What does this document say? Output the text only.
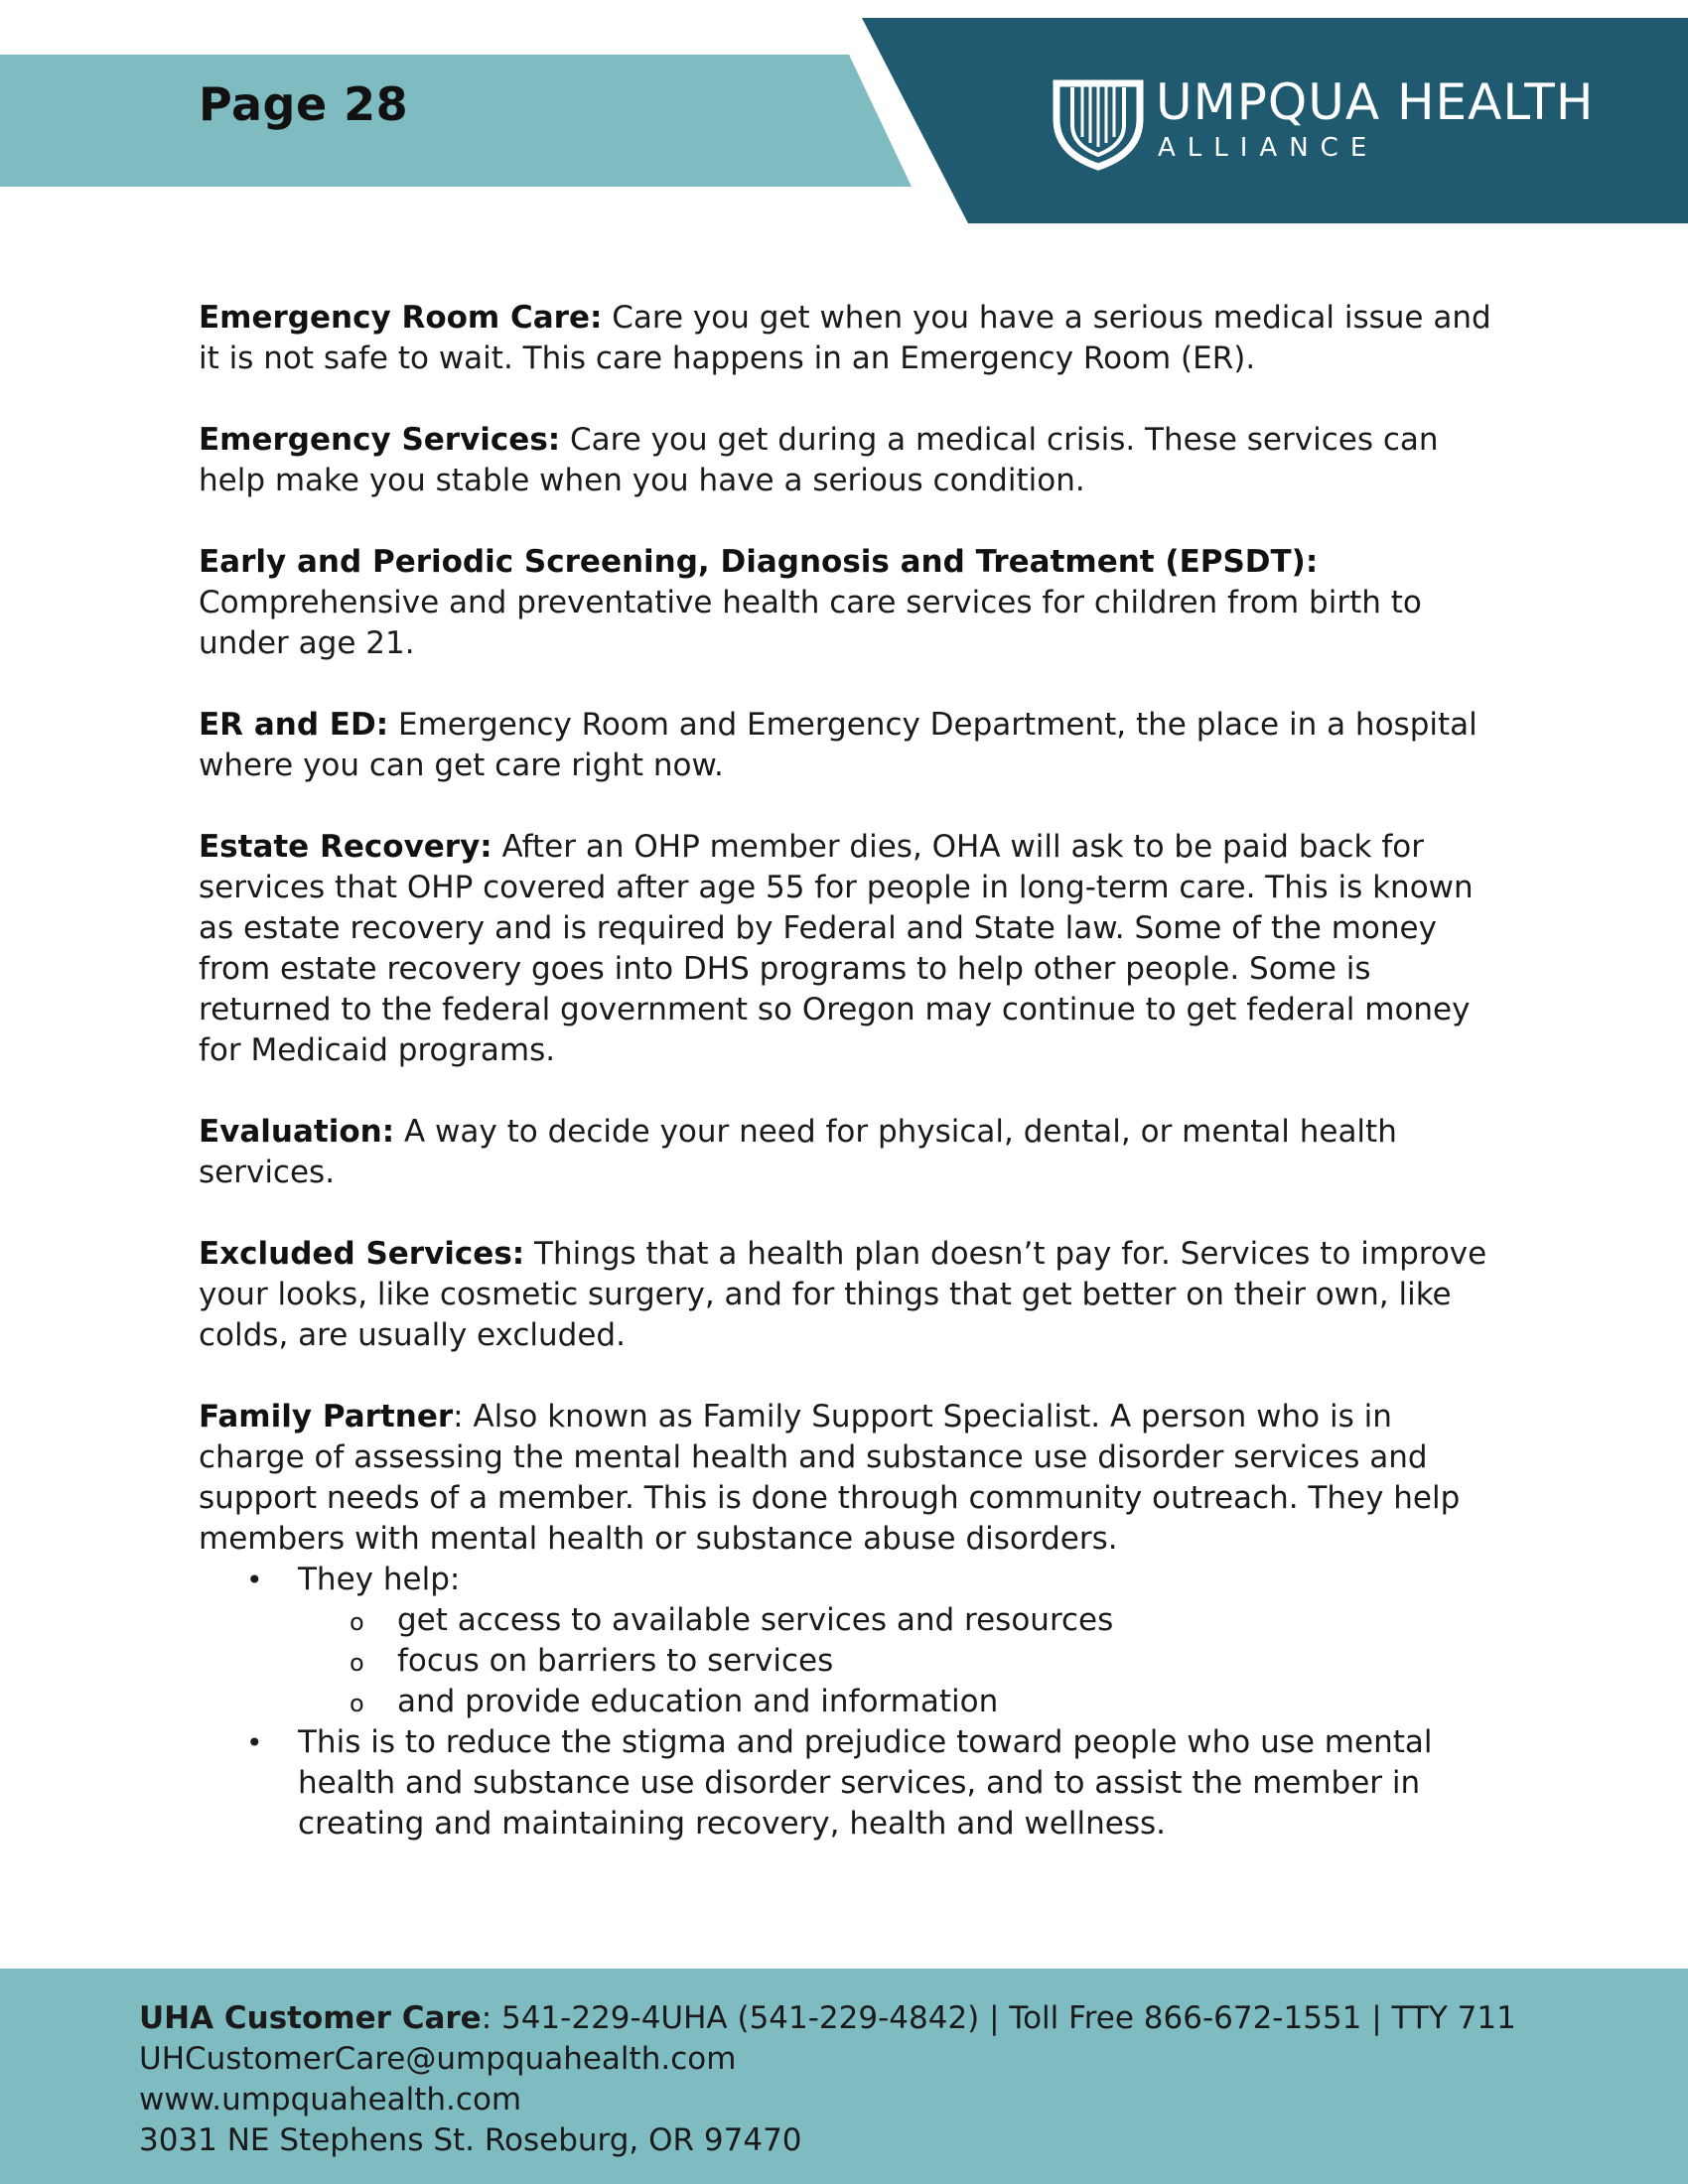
Page 28	UMPQUA HEALTH
ALLIANCE

Emergency Room Care: Care you get when you have a serious medical issue and it is not safe to wait. This care happens in an Emergency Room (ER).

Emergency Services: Care you get during a medical crisis. These services can help make you stable when you have a serious condition.

Early and Periodic Screening, Diagnosis and Treatment (EPSDT): Comprehensive and preventative health care services for children from birth to under age 21.

ER and ED: Emergency Room and Emergency Department, the place in a hospital where you can get care right now.

Estate Recovery: After an OHP member dies, OHA will ask to be paid back for services that OHP covered after age 55 for people in long-term care. This is known as estate recovery and is required by Federal and State law. Some of the money from estate recovery goes into DHS programs to help other people. Some is returned to the federal government so Oregon may continue to get federal money for Medicaid programs.

Evaluation: A way to decide your need for physical, dental, or mental health services.

Excluded Services: Things that a health plan doesn’t pay for. Services to improve your looks, like cosmetic surgery, and for things that get better on their own, like colds, are usually excluded.

Family Partner: Also known as Family Support Specialist. A person who is in charge of assessing the mental health and substance use disorder services and support needs of a member. This is done through community outreach. They help members with mental health or substance abuse disorders.

• They help:
o get access to available services and resources
o focus on barriers to services
o and provide education and information
• This is to reduce the stigma and prejudice toward people who use mental health and substance use disorder services, and to assist the member in creating and maintaining recovery, health and wellness.
UHA Customer Care: 541-229-4UHA (541-229-4842) | Toll Free 866-672-1551 | TTY 711
UHCustomerCare@umpquahealth.com
www.umpquahealth.com
3031 NE Stephens St. Roseburg, OR 97470
